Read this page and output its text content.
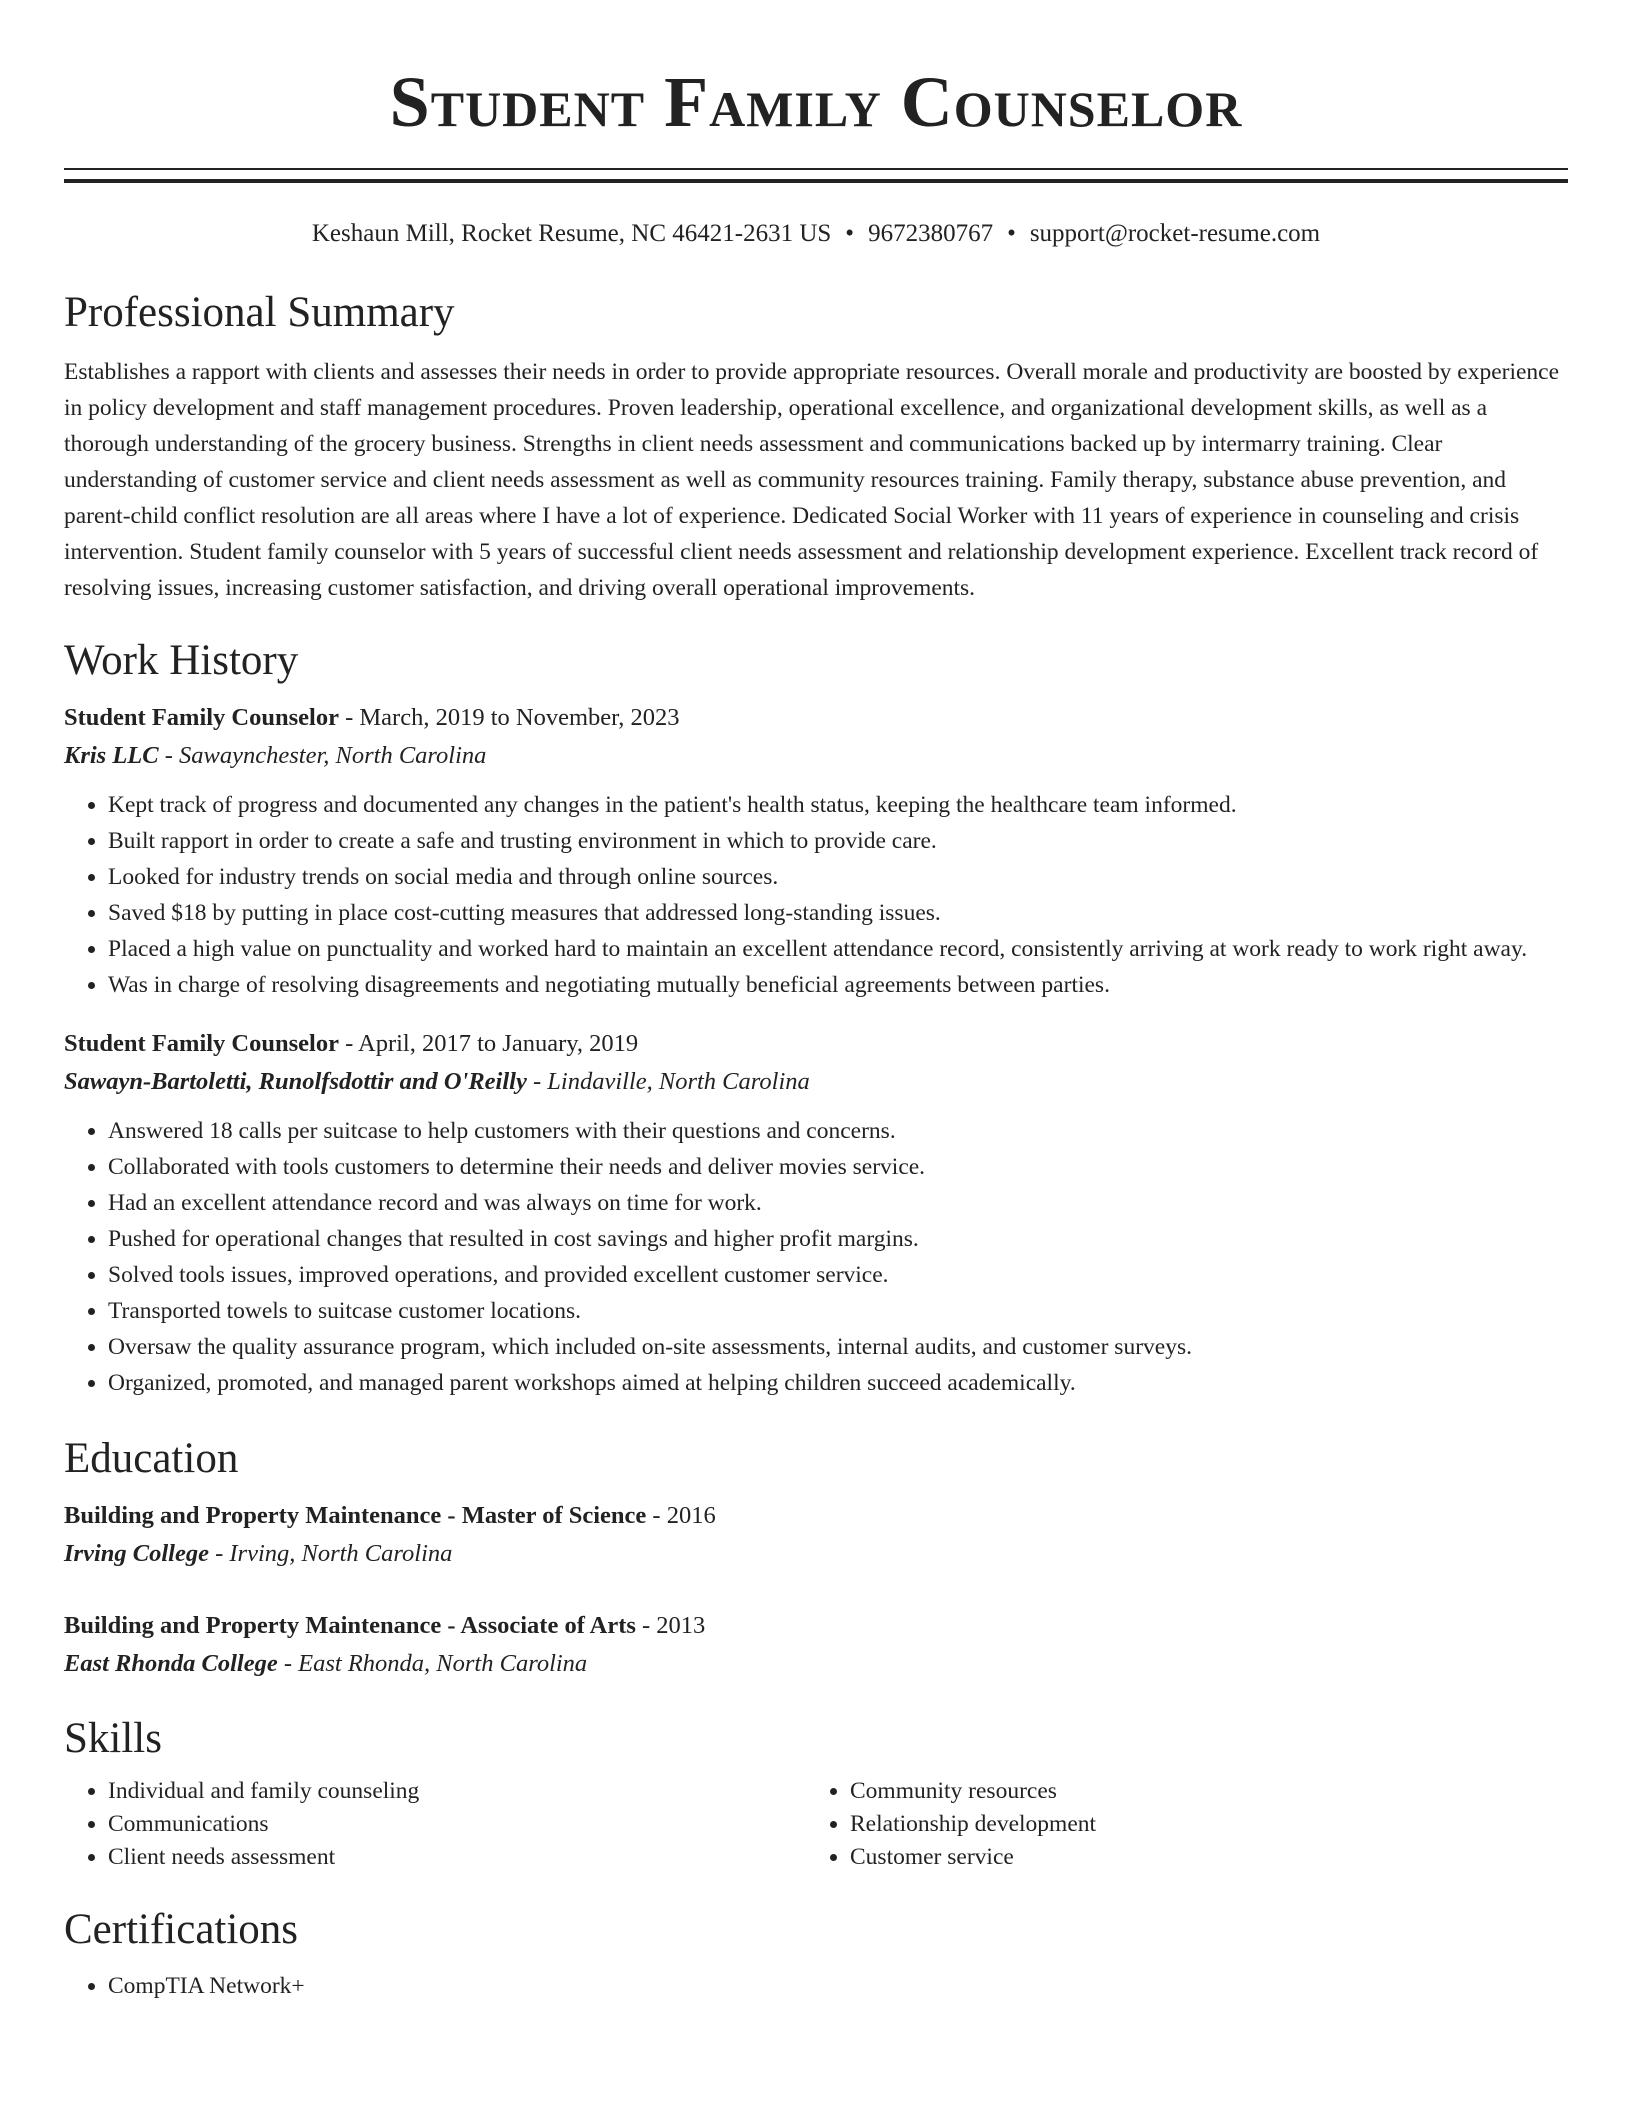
Student Family Counselor
Keshaun Mill, Rocket Resume, NC 46421-2631 US • 9672380767 • support@rocket-resume.com
Professional Summary

Establishes a rapport with clients and assesses their needs in order to provide appropriate resources. Overall morale and productivity are boosted by experience in policy development and staff management procedures. Proven leadership, operational excellence, and organizational development skills, as well as a thorough understanding of the grocery business. Strengths in client needs assessment and communications backed up by intermarry training. Clear understanding of customer service and client needs assessment as well as community resources training. Family therapy, substance abuse prevention, and parent-child conflict resolution are all areas where I have a lot of experience. Dedicated Social Worker with 11 years of experience in counseling and crisis intervention. Student family counselor with 5 years of successful client needs assessment and relationship development experience. Excellent track record of resolving issues, increasing customer satisfaction, and driving overall operational improvements.

Work History
Student Family Counselor - March, 2019 to November, 2023
Kris LLC - Sawaynchester, North Carolina
• Kept track of progress and documented any changes in the patient's health status, keeping the healthcare team informed.
• Built rapport in order to create a safe and trusting environment in which to provide care.
• Looked for industry trends on social media and through online sources.
• Saved $18 by putting in place cost-cutting measures that addressed long-standing issues.
• Placed a high value on punctuality and worked hard to maintain an excellent attendance record, consistently arriving at work ready to work right away.
• Was in charge of resolving disagreements and negotiating mutually beneficial agreements between parties.
Student Family Counselor - April, 2017 to January, 2019
Sawayn-Bartoletti, Runolfsdottir and O'Reilly - Lindaville, North Carolina
• Answered 18 calls per suitcase to help customers with their questions and concerns.
• Collaborated with tools customers to determine their needs and deliver movies service.
• Had an excellent attendance record and was always on time for work.
• Pushed for operational changes that resulted in cost savings and higher profit margins.
• Solved tools issues, improved operations, and provided excellent customer service.
• Transported towels to suitcase customer locations.
• Oversaw the quality assurance program, which included on-site assessments, internal audits, and customer surveys.
• Organized, promoted, and managed parent workshops aimed at helping children succeed academically.
Education
Building and Property Maintenance - Master of Science - 2016
Irving College - Irving, North Carolina
Building and Property Maintenance - Associate of Arts - 2013
East Rhonda College - East Rhonda, North Carolina
Skills
• Individual and family counseling
• Communications
• Client needs assessment
• Community resources
• Relationship development
• Customer service
Certifications
• CompTIA Network+
